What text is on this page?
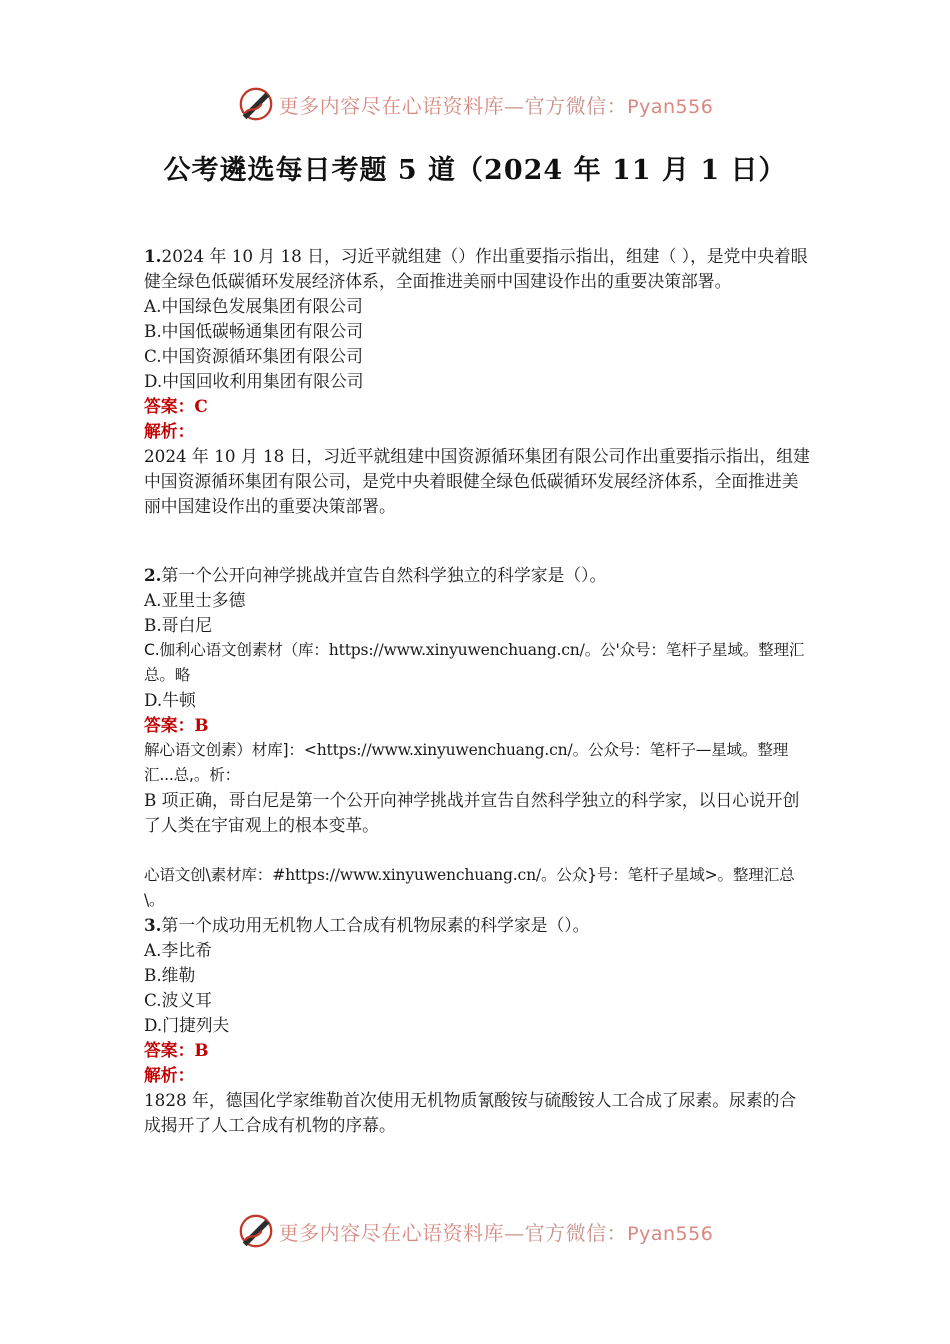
更多内容尽在心语资料库—官方微信：Pyan556
公考遴选每日考题 5 道（2024 年 11 月 1 日）

1.2024 年 10 月 18 日，习近平就组建（）作出重要指示指出，组建（ ），是党中央着眼健全绿色低碳循环发展经济体系，全面推进美丽中国建设作出的重要决策部署。

A.中国绿色发展集团有限公司

B.中国低碳畅通集团有限公司

C.中国资源循环集团有限公司

D.中国回收利用集团有限公司

答案：C

解析：

2024 年 10 月 18 日，习近平就组建中国资源循环集团有限公司作出重要指示指出，组建中国资源循环集团有限公司，是党中央着眼健全绿色低碳循环发展经济体系，全面推进美丽中国建设作出的重要决策部署。

2.第一个公开向神学挑战并宣告自然科学独立的科学家是（）。

A.亚里士多德

B.哥白尼

C.伽利心语文创素材（库：https://www.xinyuwenchuang.cn/。公'众号：笔杆子星域。整理汇总。略

D.牛顿

答案：B

解心语文创素）材库]：<https://www.xinyuwenchuang.cn/。公众号：笔杆子—星域。整理汇...总,。析：

B 项正确，哥白尼是第一个公开向神学挑战并宣告自然科学独立的科学家，以日心说开创了人类在宇宙观上的根本变革。

心语文创\素材库：#https://www.xinyuwenchuang.cn/。公众}号：笔杆子星域>。整理汇总\。

3.第一个成功用无机物人工合成有机物尿素的科学家是（）。

A.李比希

B.维勒

C.波义耳

D.门捷列夫

答案：B

解析：

1828 年，德国化学家维勒首次使用无机物质氰酸铵与硫酸铵人工合成了尿素。尿素的合成揭开了人工合成有机物的序幕。

更多内容尽在心语资料库—官方微信：Pyan556
